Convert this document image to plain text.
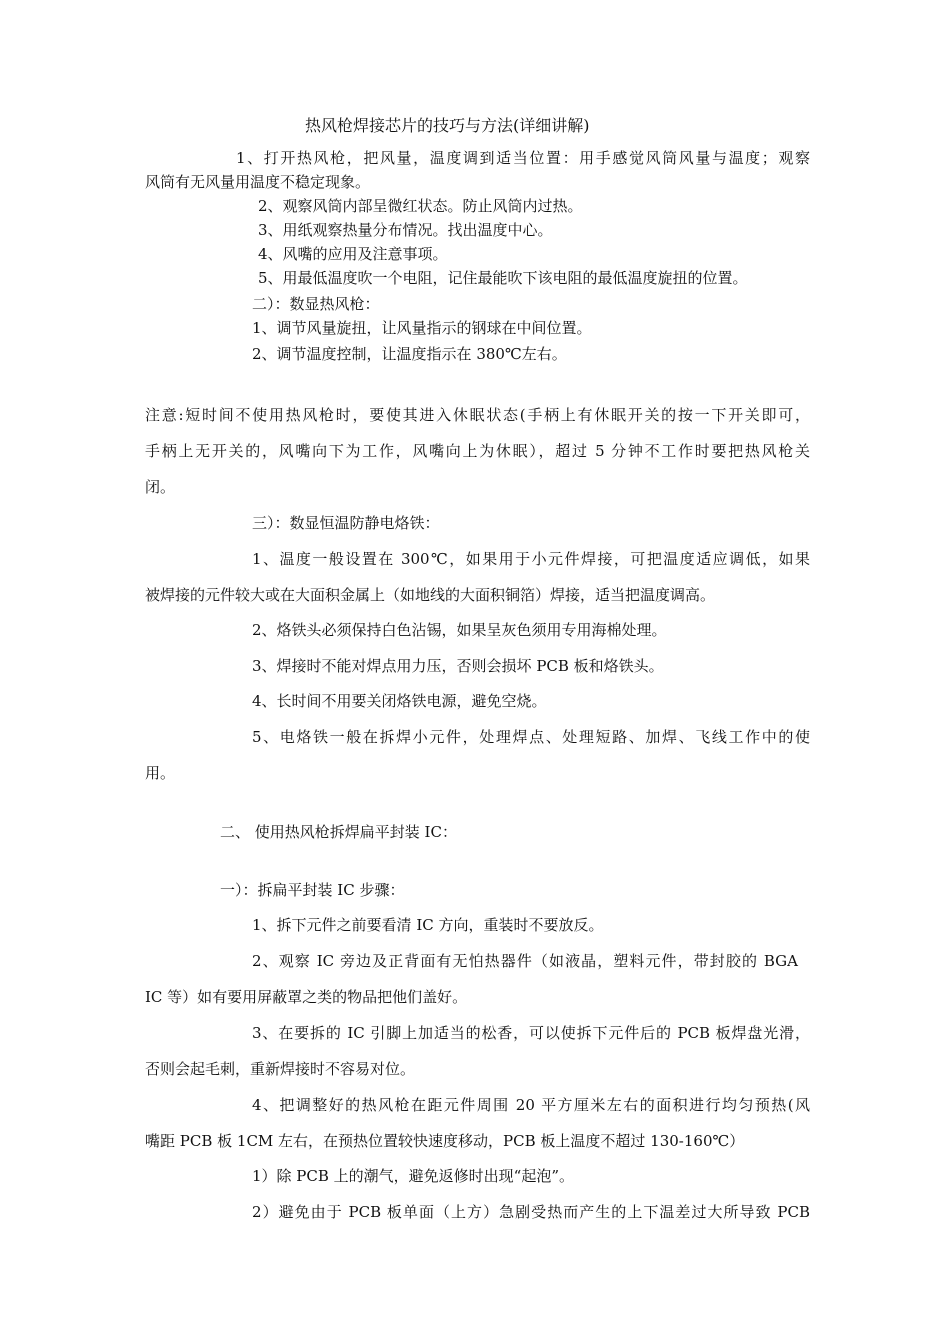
热风枪焊接芯片的技巧与方法(详细讲解)
1、打开热风枪，把风量，温度调到适当位置：用手感觉风筒风量与温度；观察
风筒有无风量用温度不稳定现象。
2、观察风筒内部呈微红状态。防止风筒内过热。
3、用纸观察热量分布情况。找出温度中心。
4、风嘴的应用及注意事项。
5、用最低温度吹一个电阻，记住最能吹下该电阻的最低温度旋扭的位置。
二）：数显热风枪：
1、调节风量旋扭，让风量指示的钢球在中间位置。
2、调节温度控制，让温度指示在 380℃左右。
注意:短时间不使用热风枪时，要使其进入休眠状态(手柄上有休眠开关的按一下开关即可，
手柄上无开关的，风嘴向下为工作，风嘴向上为休眠），超过 5 分钟不工作时要把热风枪关
闭。
三）：数显恒温防静电烙铁：
1、温度一般设置在 300℃，如果用于小元件焊接，可把温度适应调低，如果
被焊接的元件较大或在大面积金属上（如地线的大面积铜箔）焊接，适当把温度调高。
2、烙铁头必须保持白色沾锡，如果呈灰色须用专用海棉处理。
3、焊接时不能对焊点用力压，否则会损坏 PCB 板和烙铁头。
4、长时间不用要关闭烙铁电源，避免空烧。
5、电烙铁一般在拆焊小元件，处理焊点、处理短路、加焊、飞线工作中的使
用。
二、 使用热风枪拆焊扁平封装 IC：
一）：拆扁平封装 IC 步骤：
1、拆下元件之前要看清 IC 方向，重装时不要放反。
2、观察 IC 旁边及正背面有无怕热器件（如液晶，塑料元件，带封胶的 BGA
IC 等）如有要用屏蔽罩之类的物品把他们盖好。
3、在要拆的 IC 引脚上加适当的松香，可以使拆下元件后的 PCB 板焊盘光滑，
否则会起毛刺，重新焊接时不容易对位。
4、把调整好的热风枪在距元件周围 20 平方厘米左右的面积进行均匀预热(风
嘴距 PCB 板 1CM 左右，在预热位置较快速度移动，PCB 板上温度不超过 130-160℃）
1）除 PCB 上的潮气，避免返修时出现“起泡”。
2）避免由于 PCB 板单面（上方）急剧受热而产生的上下温差过大所导致 PCB
